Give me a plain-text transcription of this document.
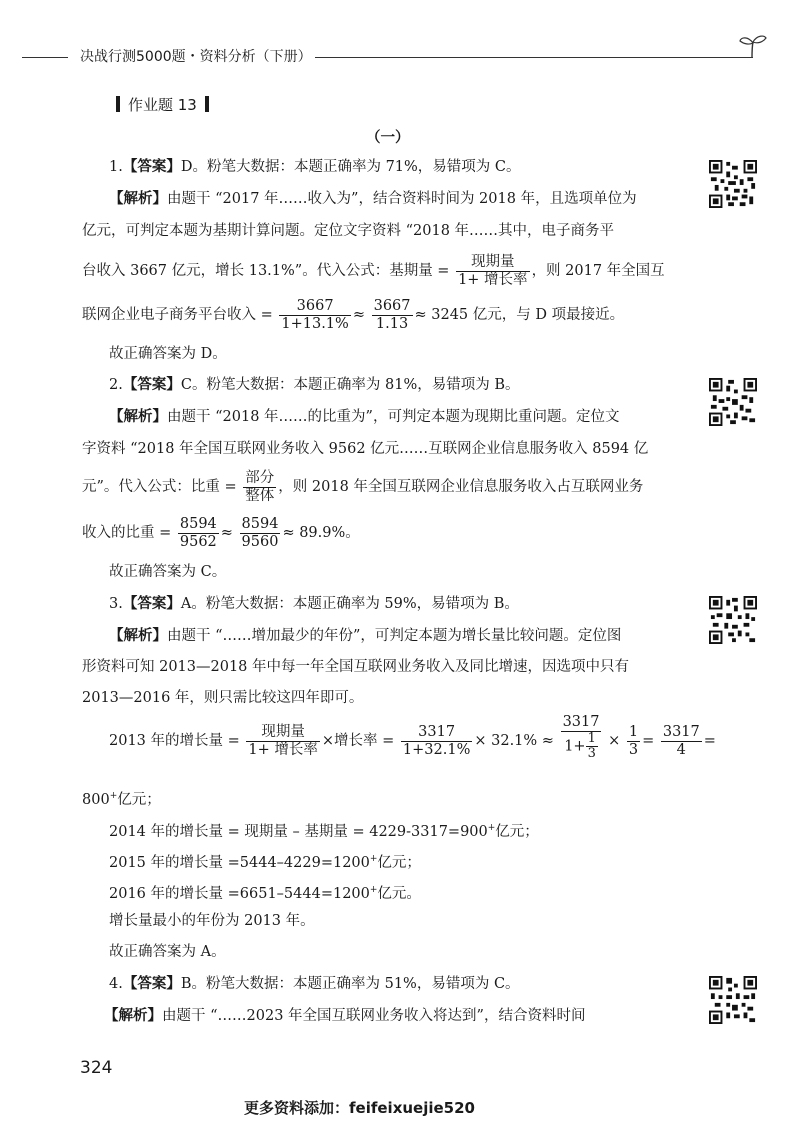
决战行测5000题・资料分析（下册）
作业题 13
（一）
1.【答案】D。粉笔大数据：本题正确率为 71%，易错项为 C。
【解析】由题干 “2017 年……收入为”，结合资料时间为 2018 年，且选项单位为
亿元，可判定本题为基期计算问题。定位文字资料 “2018 年……其中，电子商务平
台收入 3667 亿元，增长 13.1%”。代入公式：基期量 = $\frac{\text{现期量}}{\text{1+ 增长率}}$ ，则 2017 年全国互
联网企业电子商务平台收入 = $\frac{3667}{1+13.1\%} \approx \frac{3667}{1.13} \approx 3245$ 亿元，与 D 项最接近。
故正确答案为 D。
2.【答案】C。粉笔大数据：本题正确率为 81%，易错项为 B。
【解析】由题干 “2018 年……的比重为”，可判定本题为现期比重问题。定位文
字资料 “2018 年全国互联网业务收入 9562 亿元……互联网企业信息服务收入 8594 亿
元”。代入公式：比重 = $\frac{\text{部分}}{\text{整体}}$ ，则 2018 年全国互联网企业信息服务收入占互联网业务
收入的比重 = $\frac{8594}{9562} \approx \frac{8594}{9560} \approx 89.9\%$。
故正确答案为 C。
3.【答案】A。粉笔大数据：本题正确率为 59%，易错项为 B。
【解析】由题干 “……增加最少的年份”，可判定本题为增长量比较问题。定位图
形资料可知 2013—2018 年中每一年全国互联网业务收入及同比增速，因选项中只有
2013—2016 年，则只需比较这四年即可。
2013 年的增长量 = $\frac{\text{现期量}}{\text{1+ 增长率}}$ ×增长率 = $\frac{3317}{1+32.1\%} \times 32.1\% \approx \frac{3317}{1+ \frac{1}{3}} \times \frac{1}{3} = \frac{3317}{4}$ =
800+亿元；
2014 年的增长量 = 现期量 – 基期量 = 4229-3317=900+亿元；
2015 年的增长量 =5444–4229=1200+亿元；
2016 年的增长量 =6651–5444=1200+亿元。
增长量最小的年份为 2013 年。
故正确答案为 A。
4.【答案】B。粉笔大数据：本题正确率为 51%，易错项为 C。
【解析】由题干 “……2023 年全国互联网业务收入将达到”，结合资料时间
324
更多资料添加：feifeixuejie520
